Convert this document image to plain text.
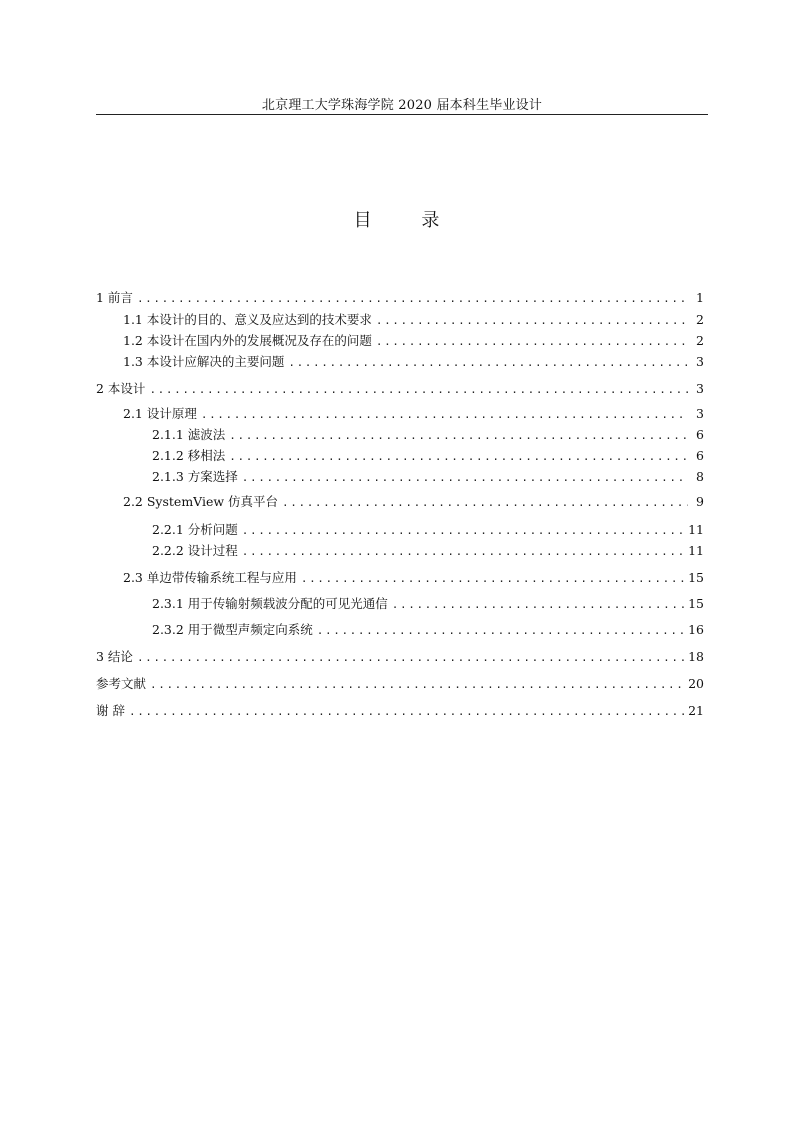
北京理工大学珠海学院 2020 届本科生毕业设计
目 录
1 前言 .....	1
1.1 本设计的目的、意义及应达到的技术要求 .....	2
1.2 本设计在国内外的发展概况及存在的问题 .....	2
1.3 本设计应解决的主要问题 .....	3
2 本设计 .....	3
2.1 设计原理 .....	3
2.1.1 滤波法 .....	6
2.1.2 移相法 .....	6
2.1.3 方案选择 .....	8
2.2 SystemView 仿真平台 .....	9
2.2.1 分析问题 .....	11
2.2.2 设计过程 .....	11
2.3 单边带传输系统工程与应用 .....	15
2.3.1 用于传输射频载波分配的可见光通信 .....	15
2.3.2 用于微型声频定向系统 .....	16
3 结论 .....	18
参考文献 .....	20
谢 辞 .....	21
